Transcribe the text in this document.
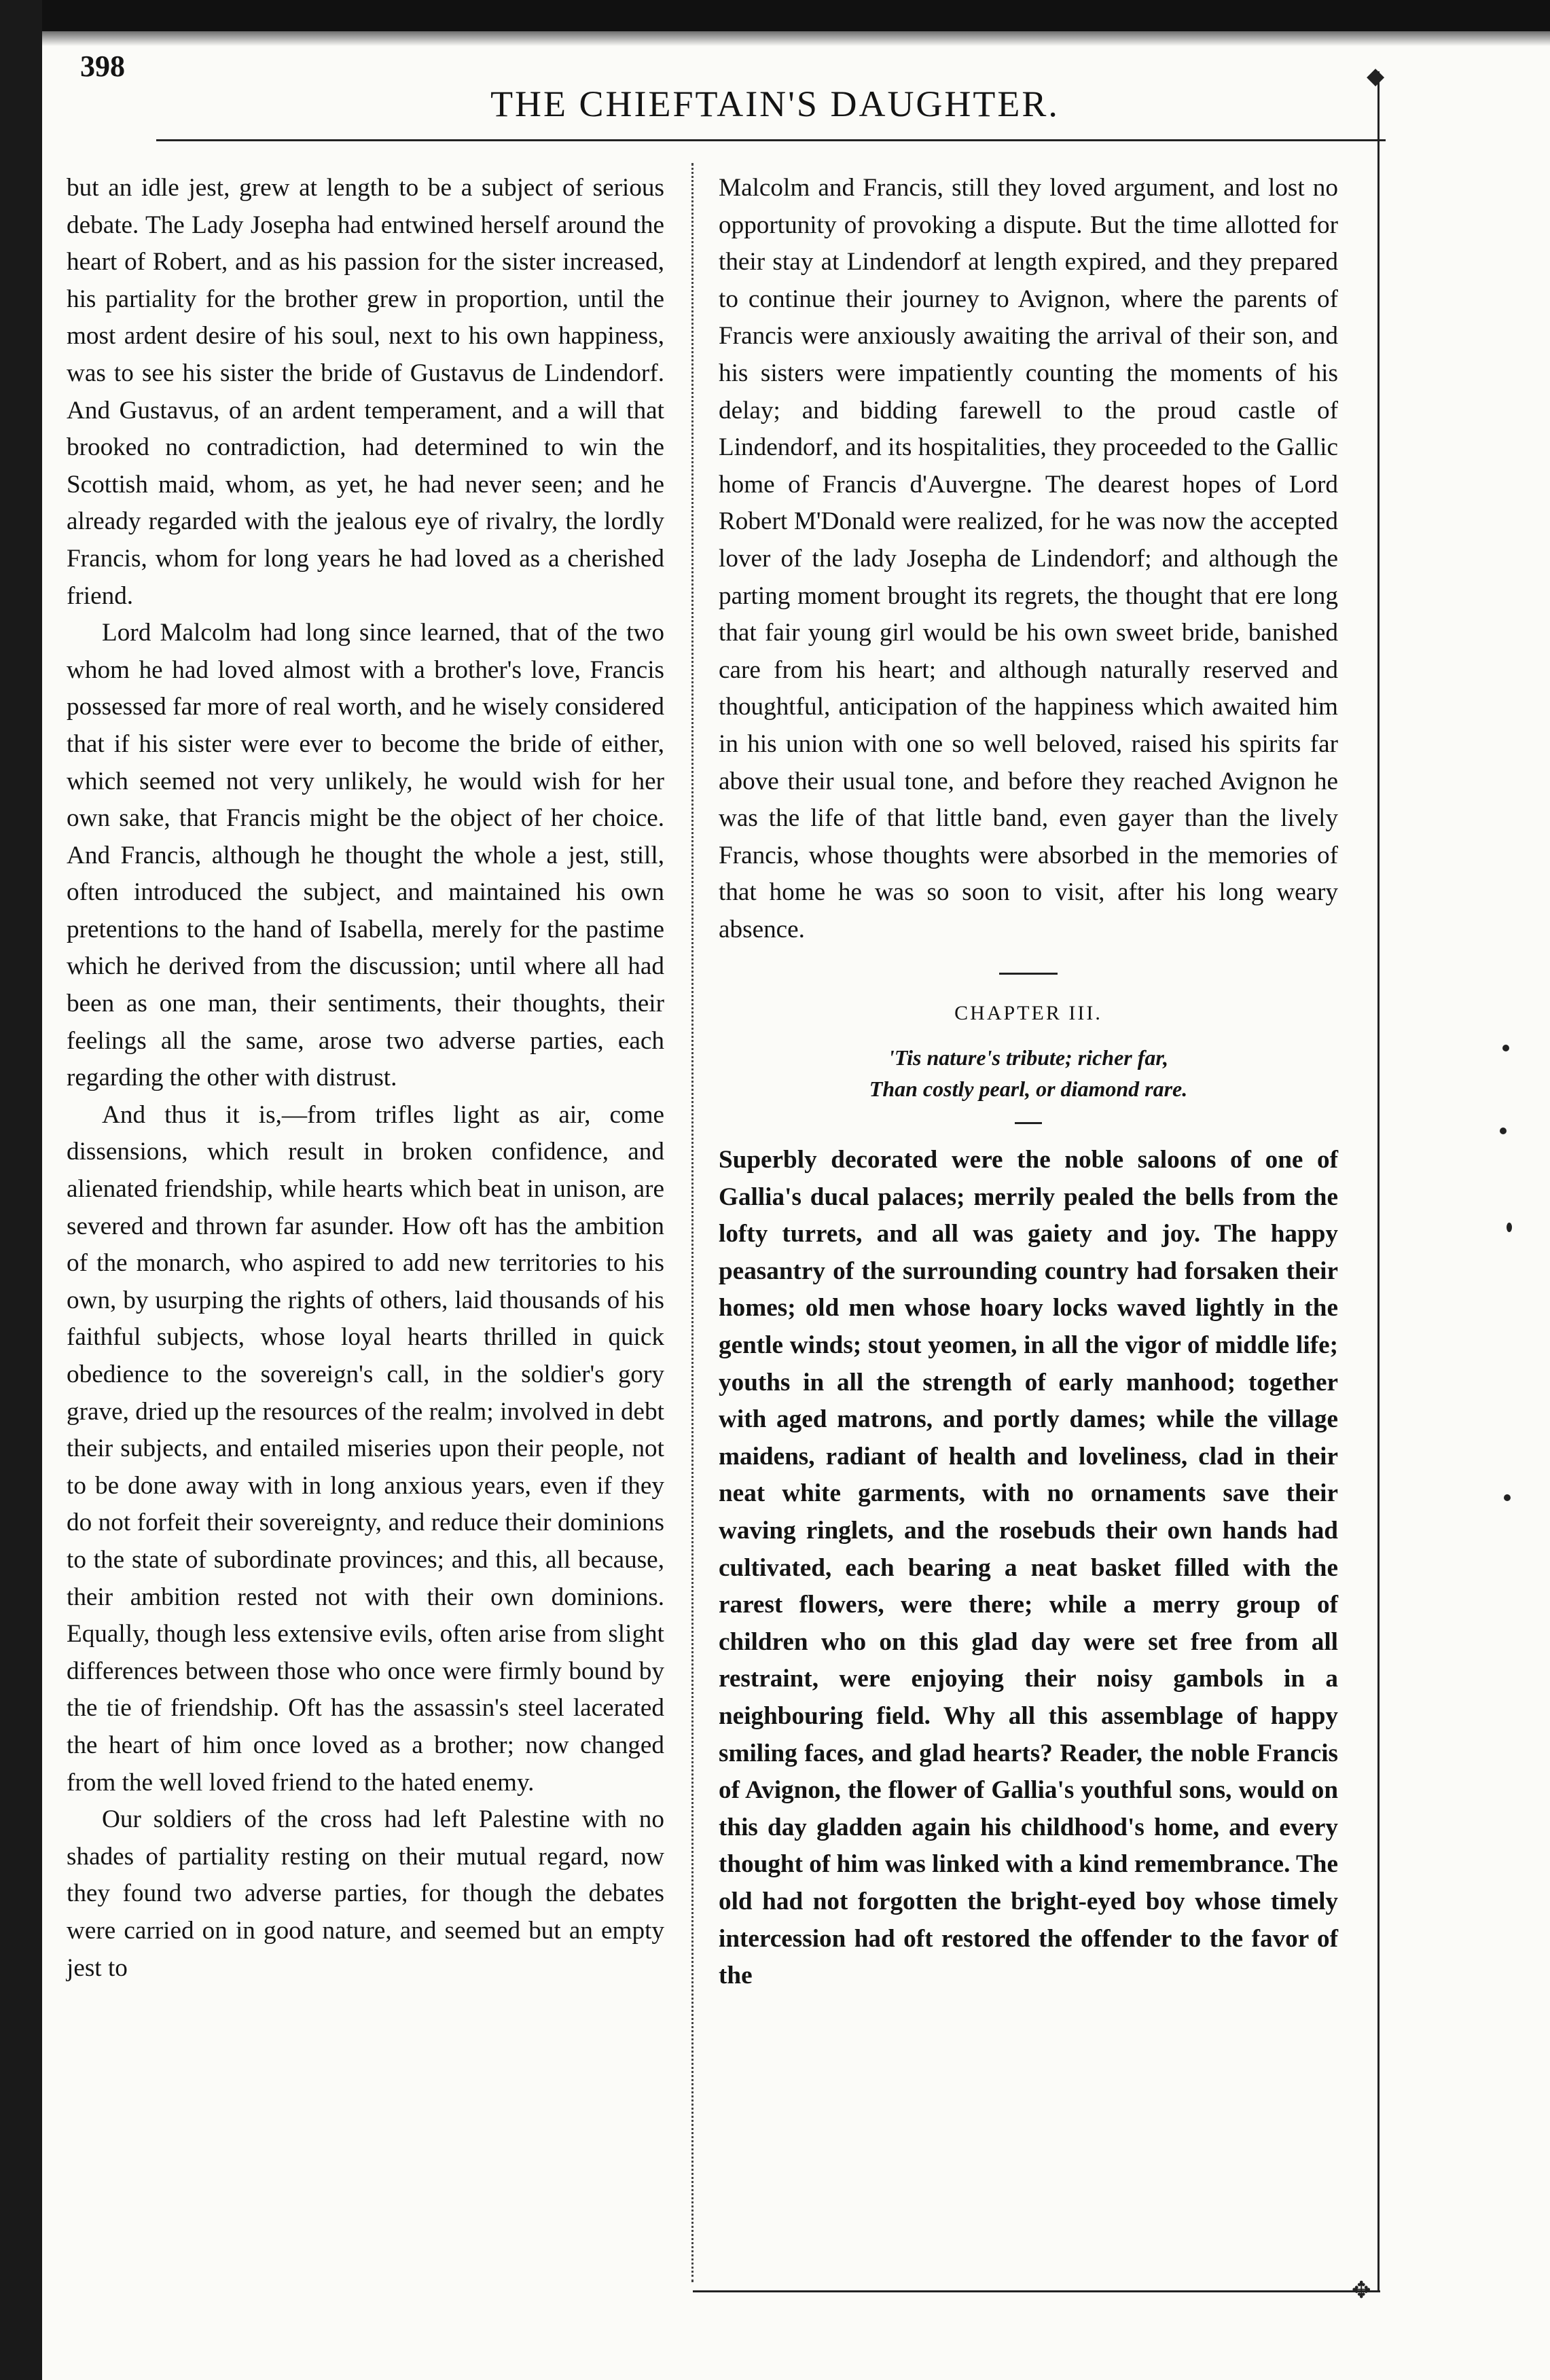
398
THE CHIEFTAIN'S DAUGHTER.
◆
✥

but an idle jest, grew at length to be a subject of serious debate. The Lady Josepha had entwined herself around the heart of Robert, and as his passion for the sister increased, his partiality for the brother grew in proportion, until the most ardent desire of his soul, next to his own happiness, was to see his sister the bride of Gustavus de Lindendorf. And Gustavus, of an ardent temperament, and a will that brooked no contradiction, had determined to win the Scottish maid, whom, as yet, he had never seen; and he already regarded with the jealous eye of rivalry, the lordly Francis, whom for long years he had loved as a cherished friend.

Lord Malcolm had long since learned, that of the two whom he had loved almost with a brother's love, Francis possessed far more of real worth, and he wisely considered that if his sister were ever to become the bride of either, which seemed not very unlikely, he would wish for her own sake, that Francis might be the object of her choice. And Francis, although he thought the whole a jest, still, often introduced the subject, and maintained his own pretentions to the hand of Isabella, merely for the pastime which he derived from the discussion; until where all had been as one man, their sentiments, their thoughts, their feelings all the same, arose two adverse parties, each regarding the other with distrust.

And thus it is,—from trifles light as air, come dissensions, which result in broken confidence, and alienated friendship, while hearts which beat in unison, are severed and thrown far asunder. How oft has the ambition of the monarch, who aspired to add new territories to his own, by usurping the rights of others, laid thousands of his faithful subjects, whose loyal hearts thrilled in quick obedience to the sovereign's call, in the soldier's gory grave, dried up the resources of the realm; involved in debt their subjects, and entailed miseries upon their people, not to be done away with in long anxious years, even if they do not forfeit their sovereignty, and reduce their dominions to the state of subordinate provinces; and this, all because, their ambition rested not with their own dominions. Equally, though less extensive evils, often arise from slight differences between those who once were firmly bound by the tie of friendship. Oft has the assassin's steel lacerated the heart of him once loved as a brother; now changed from the well loved friend to the hated enemy.

Our soldiers of the cross had left Palestine with no shades of partiality resting on their mutual regard, now they found two adverse parties, for though the debates were carried on in good nature, and seemed but an empty jest to

Malcolm and Francis, still they loved argument, and lost no opportunity of provoking a dispute. But the time allotted for their stay at Lindendorf at length expired, and they prepared to continue their journey to Avignon, where the parents of Francis were anxiously awaiting the arrival of their son, and his sisters were impatiently counting the moments of his delay; and bidding farewell to the proud castle of Lindendorf, and its hospitalities, they proceeded to the Gallic home of Francis d'Auvergne. The dearest hopes of Lord Robert M'Donald were realized, for he was now the accepted lover of the lady Josepha de Lindendorf; and although the parting moment brought its regrets, the thought that ere long that fair young girl would be his own sweet bride, banished care from his heart; and although naturally reserved and thoughtful, anticipation of the happiness which awaited him in his union with one so well beloved, raised his spirits far above their usual tone, and before they reached Avignon he was the life of that little band, even gayer than the lively Francis, whose thoughts were absorbed in the memories of that home he was so soon to visit, after his long weary absence.

CHAPTER III.
'Tis nature's tribute; richer far,
Than costly pearl, or diamond rare.

Superbly decorated were the noble saloons of one of Gallia's ducal palaces; merrily pealed the bells from the lofty turrets, and all was gaiety and joy. The happy peasantry of the surrounding country had forsaken their homes; old men whose hoary locks waved lightly in the gentle winds; stout yeomen, in all the vigor of middle life; youths in all the strength of early manhood; together with aged matrons, and portly dames; while the village maidens, radiant of health and loveliness, clad in their neat white garments, with no ornaments save their waving ringlets, and the rosebuds their own hands had cultivated, each bearing a neat basket filled with the rarest flowers, were there; while a merry group of children who on this glad day were set free from all restraint, were enjoying their noisy gambols in a neighbouring field. Why all this assemblage of happy smiling faces, and glad hearts? Reader, the noble Francis of Avignon, the flower of Gallia's youthful sons, would on this day gladden again his childhood's home, and every thought of him was linked with a kind remembrance. The old had not forgotten the bright-eyed boy whose timely intercession had oft restored the offender to the favor of the
